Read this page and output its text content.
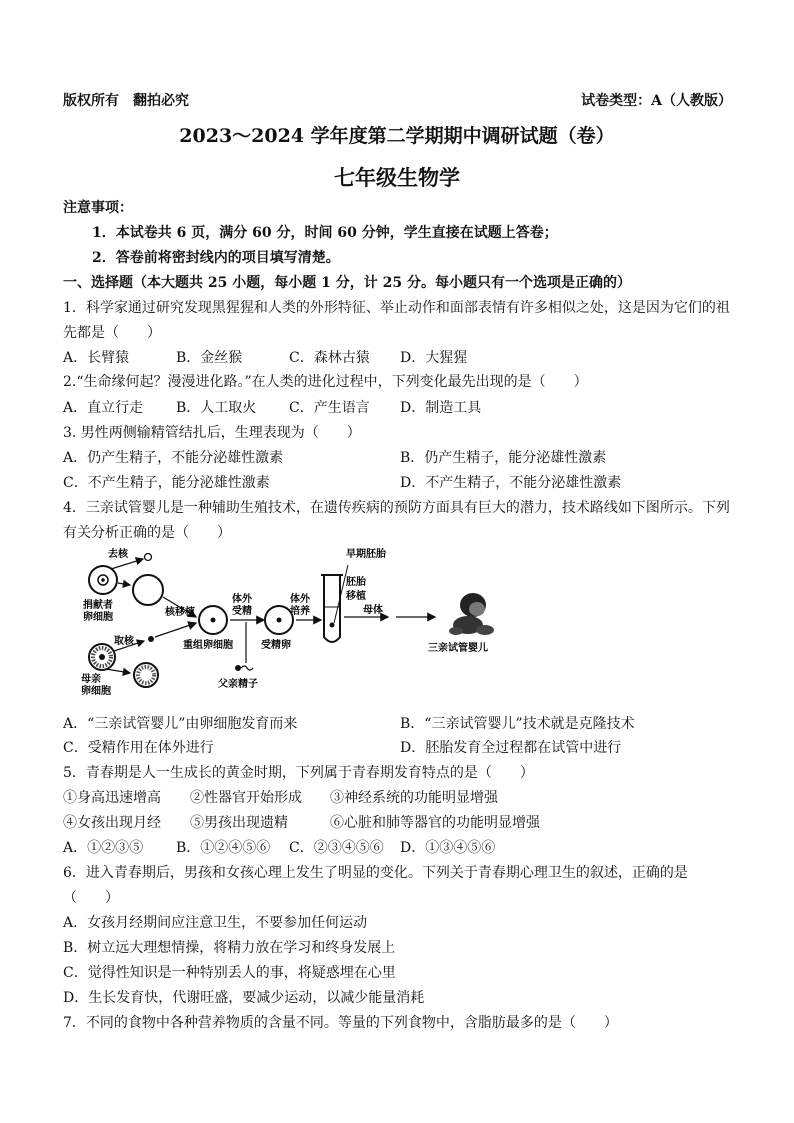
版权所有　翻拍必究	试卷类型：A（人教版）
2023～2024 学年度第二学期期中调研试题（卷）
七年级生物学
注意事项：
1．本试卷共 6 页，满分 60 分，时间 60 分钟，学生直接在试题上答卷；
2．答卷前将密封线内的项目填写清楚。
一、选择题（本大题共 25 小题，每小题 1 分，计 25 分。每小题只有一个选项是正确的）
1．科学家通过研究发现黑猩猩和人类的外形特征、举止动作和面部表情有许多相似之处，这是因为它们的祖
先都是（　　）
A．长臂猿	B．金丝猴	C．森林古猿 D．大猩猩
2.“生命缘何起？漫漫进化路。”在人类的进化过程中，下列变化最先出现的是（　　）
A．直立行走 B．人工取火 C．产生语言 D．制造工具
3. 男性两侧输精管结扎后，生理表现为（　　）
A．仍产生精子，不能分泌雄性激素	B．仍产生精子，能分泌雄性激素
C．不产生精子，能分泌雄性激素	D．不产生精子，不能分泌雄性激素
4．三亲试管婴儿是一种辅助生殖技术，在遗传疾病的预防方面具有巨大的潜力，技术路线如下图所示。下列
有关分析正确的是（　　）
去核
捐献者
卵细胞
取核
母亲
卵细胞
核移植
重组卵细胞
体外
受精
父亲精子
受精卵
体外
培养
早期胚胎
胚胎
移植
母体
三亲试管婴儿
A．“三亲试管婴儿”由卵细胞发育而来	B．“三亲试管婴儿”技术就是克隆技术
C．受精作用在体外进行	D．胚胎发育全过程都在试管中进行
5．青春期是人一生成长的黄金时期，下列属于青春期发育特点的是（　　）
①身高迅速增高 ②性器官开始形成 ③神经系统的功能明显增强
④女孩出现月经 ⑤男孩出现遗精	⑥心脏和肺等器官的功能明显增强
A．①②③⑤ B．①②④⑤⑥ C．②③④⑤⑥ D．①③④⑤⑥
6．进入青春期后，男孩和女孩心理上发生了明显的变化。下列关于青春期心理卫生的叙述，正确的是
（　　）
A．女孩月经期间应注意卫生，不要参加任何运动
B．树立远大理想情操，将精力放在学习和终身发展上
C．觉得性知识是一种特别丢人的事，将疑惑埋在心里
D．生长发育快，代谢旺盛，要减少运动，以减少能量消耗
7．不同的食物中各种营养物质的含量不同。等量的下列食物中，含脂肪最多的是（　　）
